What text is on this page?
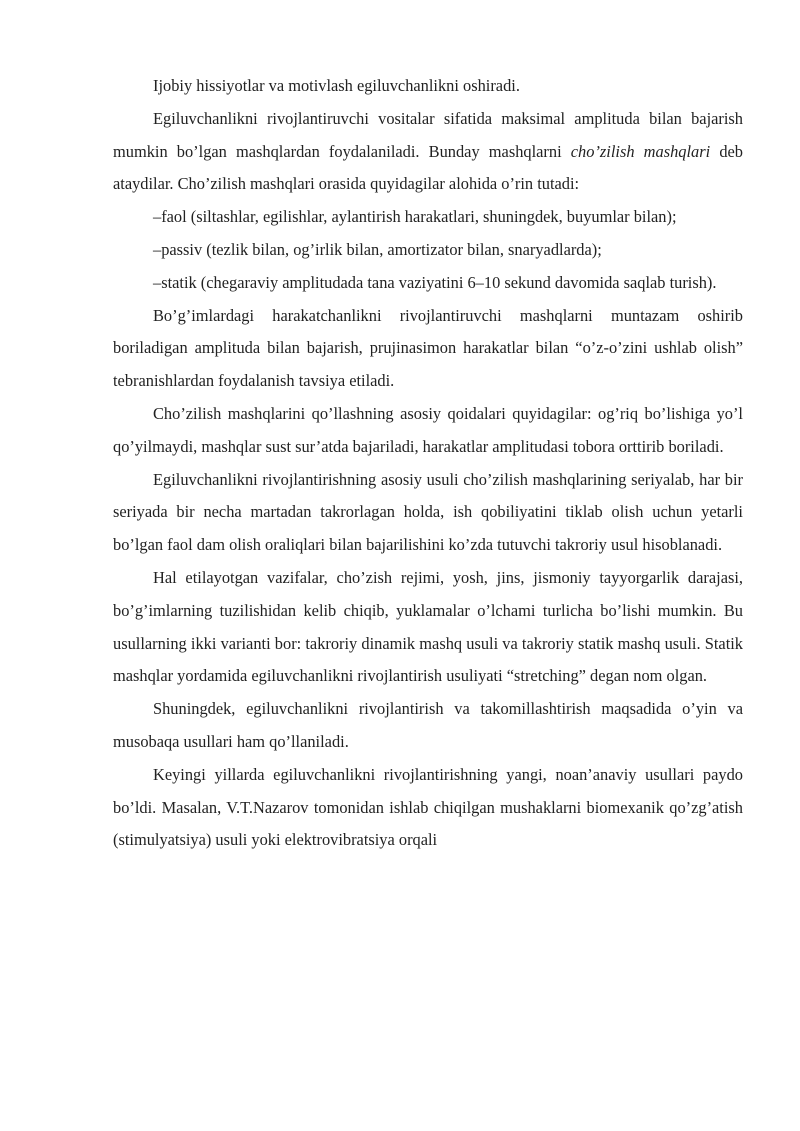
Ijobiy hissiyotlar va motivlash egiluvchanlikni oshiradi.

Egiluvchanlikni rivojlantiruvchi vositalar sifatida maksimal amplituda bilan bajarish mumkin bo’lgan mashqlardan foydalaniladi. Bunday mashqlarni cho’zilish mashqlari deb ataydilar. Cho’zilish mashqlari orasida quyidagilar alohida o’rin tutadi:

–faol (siltashlar, egilishlar, aylantirish harakatlari, shuningdek, buyumlar bilan);

–passiv (tezlik bilan, og’irlik bilan, amortizator bilan, snaryadlarda);

–statik (chegaraviy amplitudada tana vaziyatini 6–10 sekund davomida saqlab turish).

Bo’g’imlardagi harakatchanlikni rivojlantiruvchi mashqlarni muntazam oshirib boriladigan amplituda bilan bajarish, prujinasimon harakatlar bilan “o’z-o’zini ushlab olish” tebranishlardan foydalanish tavsiya etiladi.

Cho’zilish mashqlarini qo’llashning asosiy qoidalari quyidagilar: og’riq bo’lishiga yo’l qo’yilmaydi, mashqlar sust sur’atda bajariladi, harakatlar amplitudasi tobora orttirib boriladi.

Egiluvchanlikni rivojlantirishning asosiy usuli cho’zilish mashqlarining seriyalab, har bir seriyada bir necha martadan takrorlagan holda, ish qobiliyatini tiklab olish uchun yetarli bo’lgan faol dam olish oraliqlari bilan bajarilishini ko’zda tutuvchi takroriy usul hisoblanadi.

Hal etilayotgan vazifalar, cho’zish rejimi, yosh, jins, jismoniy tayyorgarlik darajasi, bo’g’imlarning tuzilishidan kelib chiqib, yuklamalar o’lchami turlicha bo’lishi mumkin. Bu usullarning ikki varianti bor: takroriy dinamik mashq usuli va takroriy statik mashq usuli. Statik mashqlar yordamida egiluvchanlikni rivojlantirish usuliyati “stretching” degan nom olgan.

Shuningdek, egiluvchanlikni rivojlantirish va takomillashtirish maqsadida o’yin va musobaqa usullari ham qo’llaniladi.

Keyingi yillarda egiluvchanlikni rivojlantirishning yangi, noan’anaviy usullari paydo bo’ldi. Masalan, V.T.Nazarov tomonidan ishlab chiqilgan mushaklarni biomexanik qo’zg’atish (stimulyatsiya) usuli yoki elektrovibratsiya orqali
